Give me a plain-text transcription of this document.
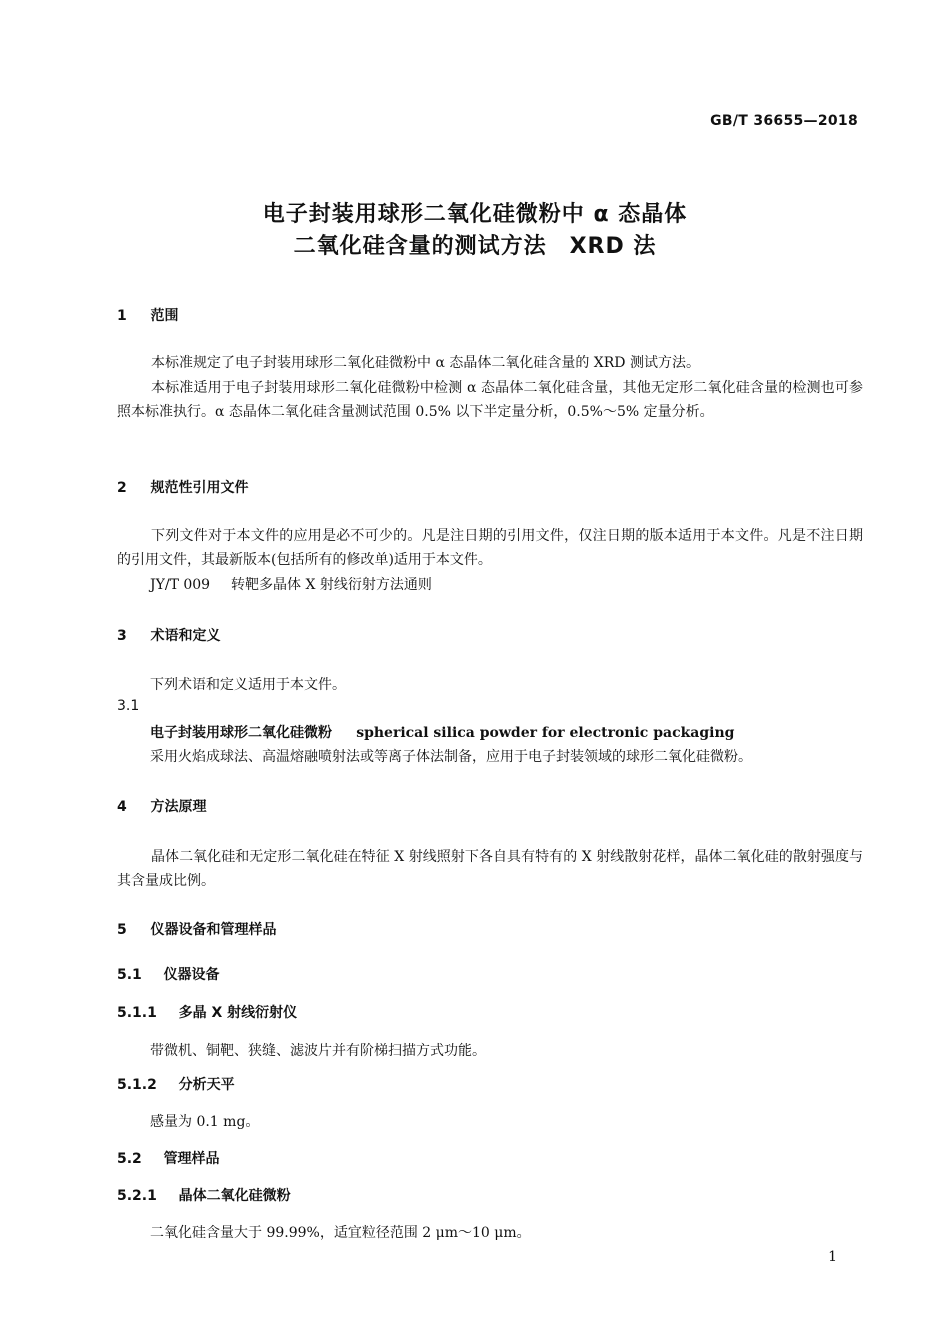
GB/T 36655—2018
电子封装用球形二氧化硅微粉中 α 态晶体
二氧化硅含量的测试方法　XRD 法
1 范围
本标准规定了电子封装用球形二氧化硅微粉中 α 态晶体二氧化硅含量的 XRD 测试方法。
本标准适用于电子封装用球形二氧化硅微粉中检测 α 态晶体二氧化硅含量，其他无定形二氧化硅含量的检测也可参照本标准执行。α 态晶体二氧化硅含量测试范围 0.5% 以下半定量分析，0.5%～5% 定量分析。
2 规范性引用文件
下列文件对于本文件的应用是必不可少的。凡是注日期的引用文件，仅注日期的版本适用于本文件。凡是不注日期的引用文件，其最新版本(包括所有的修改单)适用于本文件。
JY/T 009 转靶多晶体 X 射线衍射方法通则
3 术语和定义
下列术语和定义适用于本文件。
3.1
电子封装用球形二氧化硅微粉 spherical silica powder for electronic packaging
采用火焰成球法、高温熔融喷射法或等离子体法制备，应用于电子封装领域的球形二氧化硅微粉。
4 方法原理
晶体二氧化硅和无定形二氧化硅在特征 X 射线照射下各自具有特有的 X 射线散射花样，晶体二氧化硅的散射强度与其含量成比例。
5 仪器设备和管理样品
5.1 仪器设备
5.1.1 多晶 X 射线衍射仪
带微机、铜靶、狭缝、滤波片并有阶梯扫描方式功能。
5.1.2 分析天平
感量为 0.1 mg。
5.2 管理样品
5.2.1 晶体二氧化硅微粉
二氧化硅含量大于 99.99%，适宜粒径范围 2 μm～10 μm。
1
